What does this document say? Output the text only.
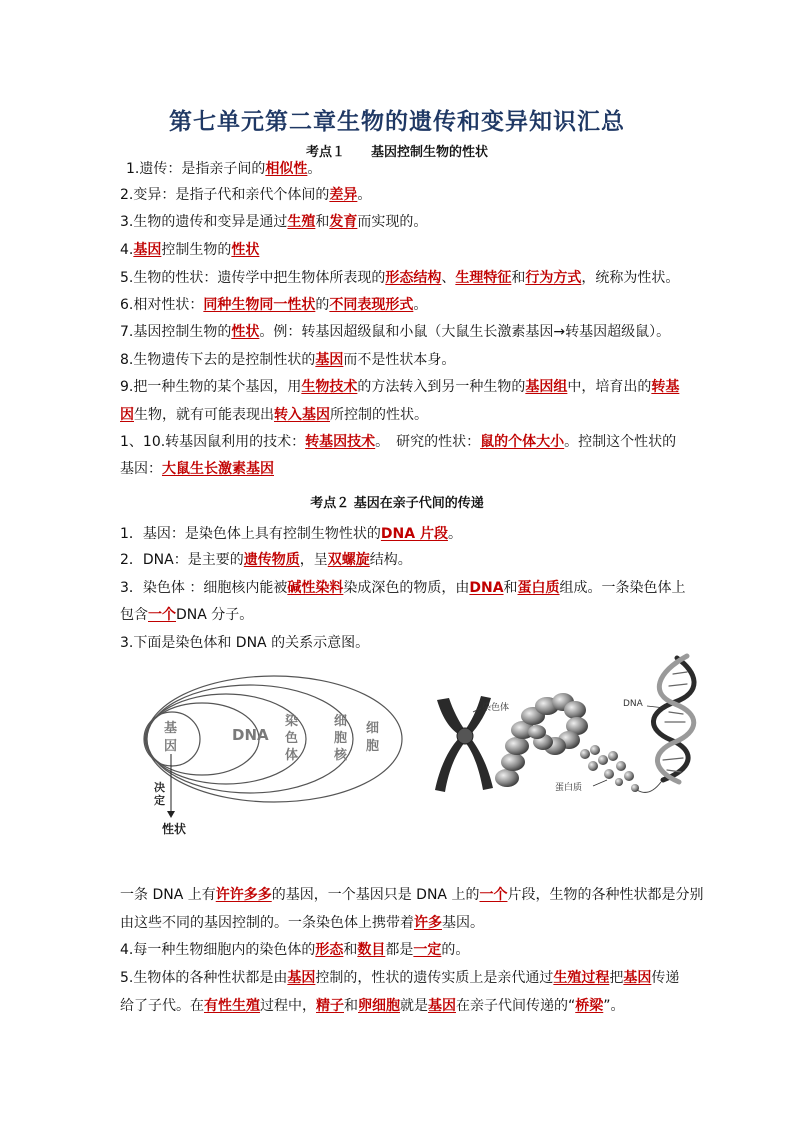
第七单元第二章生物的遗传和变异知识汇总
考点１　　基因控制生物的性状
1.遗传：是指亲子间的相似性。
2.变异：是指子代和亲代个体间的差异。
3.生物的遗传和变异是通过生殖和发育而实现的。
4.基因控制生物的性状
5.生物的性状：遗传学中把生物体所表现的形态结构、生理特征和行为方式，统称为性状。
6.相对性状：同种生物同一性状的不同表现形式。
7.基因控制生物的性状。例：转基因超级鼠和小鼠（大鼠生长激素基因→转基因超级鼠）。
8.生物遗传下去的是控制性状的基因而不是性状本身。
9.把一种生物的某个基因，用生物技术的方法转入到另一种生物的基因组中，培育出的转基
因生物，就有可能表现出转入基因所控制的性状。
1、10.转基因鼠利用的技术：转基因技术。　研究的性状：鼠的个体大小。控制这个性状的
基因：大鼠生长激素基因
考点２ 基因在亲子代间的传递
1．基因：是染色体上具有控制生物性状的DNA 片段。
2．DNA：是主要的遗传物质，呈双螺旋结构。
3．染色体 ：细胞核内能被碱性染料染成深色的物质，由DNA和蛋白质组成。一条染色体上
包含一个DNA 分子。
3.下面是染色体和 DNA 的关系示意图。
基
因
DNA
染
色
体
细
胞
核
细
胞
决
定
性状
染色体
蛋白质
DNA
一条 DNA 上有许许多多的基因，一个基因只是 DNA 上的一个片段，生物的各种性状都是分别
由这些不同的基因控制的。一条染色体上携带着许多基因。
4.每一种生物细胞内的染色体的形态和数目都是一定的。
5.生物体的各种性状都是由基因控制的，性状的遗传实质上是亲代通过生殖过程把基因传递
给了子代。在有性生殖过程中，精子和卵细胞就是基因在亲子代间传递的“桥梁”。
